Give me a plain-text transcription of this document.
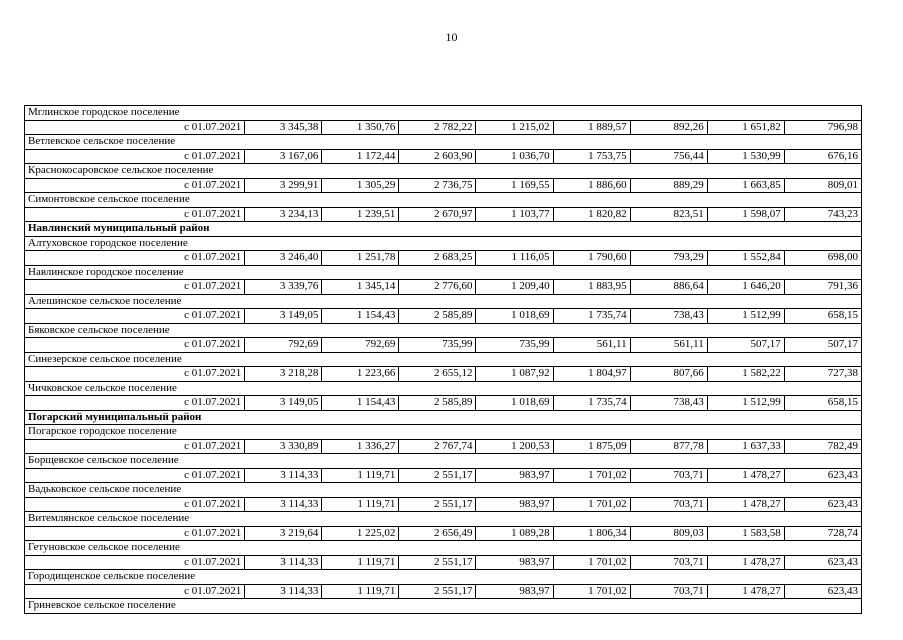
10
Мглинское городское поселение								
с 01.07.2021	3 345,38	1 350,76	2 782,22	1 215,02	1 889,57	892,26	1 651,82	796,98
Ветлевское сельское поселение								
с 01.07.2021	3 167,06	1 172,44	2 603,90	1 036,70	1 753,75	756,44	1 530,99	676,16
Краснокосаровское сельское поселение								
с 01.07.2021	3 299,91	1 305,29	2 736,75	1 169,55	1 886,60	889,29	1 663,85	809,01
Симонтовское сельское поселение								
с 01.07.2021	3 234,13	1 239,51	2 670,97	1 103,77	1 820,82	823,51	1 598,07	743,23
Навлинский муниципальный район								
Алтуховское городское поселение								
с 01.07.2021	3 246,40	1 251,78	2 683,25	1 116,05	1 790,60	793,29	1 552,84	698,00
Навлинское городское поселение								
с 01.07.2021	3 339,76	1 345,14	2 776,60	1 209,40	1 883,95	886,64	1 646,20	791,36
Алешинское сельское поселение								
с 01.07.2021	3 149,05	1 154,43	2 585,89	1 018,69	1 735,74	738,43	1 512,99	658,15
Бяковское сельское поселение								
с 01.07.2021	792,69	792,69	735,99	735,99	561,11	561,11	507,17	507,17
Синезерское сельское поселение								
с 01.07.2021	3 218,28	1 223,66	2 655,12	1 087,92	1 804,97	807,66	1 582,22	727,38
Чичковское сельское поселение								
с 01.07.2021	3 149,05	1 154,43	2 585,89	1 018,69	1 735,74	738,43	1 512,99	658,15
Погарский муниципальный район								
Погарское городское поселение								
с 01.07.2021	3 330,89	1 336,27	2 767,74	1 200,53	1 875,09	877,78	1 637,33	782,49
Борщевское сельское поселение								
с 01.07.2021	3 114,33	1 119,71	2 551,17	983,97	1 701,02	703,71	1 478,27	623,43
Вадьковское сельское поселение								
с 01.07.2021	3 114,33	1 119,71	2 551,17	983,97	1 701,02	703,71	1 478,27	623,43
Витемлянское сельское поселение								
с 01.07.2021	3 219,64	1 225,02	2 656,49	1 089,28	1 806,34	809,03	1 583,58	728,74
Гетуновское сельское поселение								
с 01.07.2021	3 114,33	1 119,71	2 551,17	983,97	1 701,02	703,71	1 478,27	623,43
Городищенское сельское поселение								
с 01.07.2021	3 114,33	1 119,71	2 551,17	983,97	1 701,02	703,71	1 478,27	623,43
Гриневское сельское поселение								
